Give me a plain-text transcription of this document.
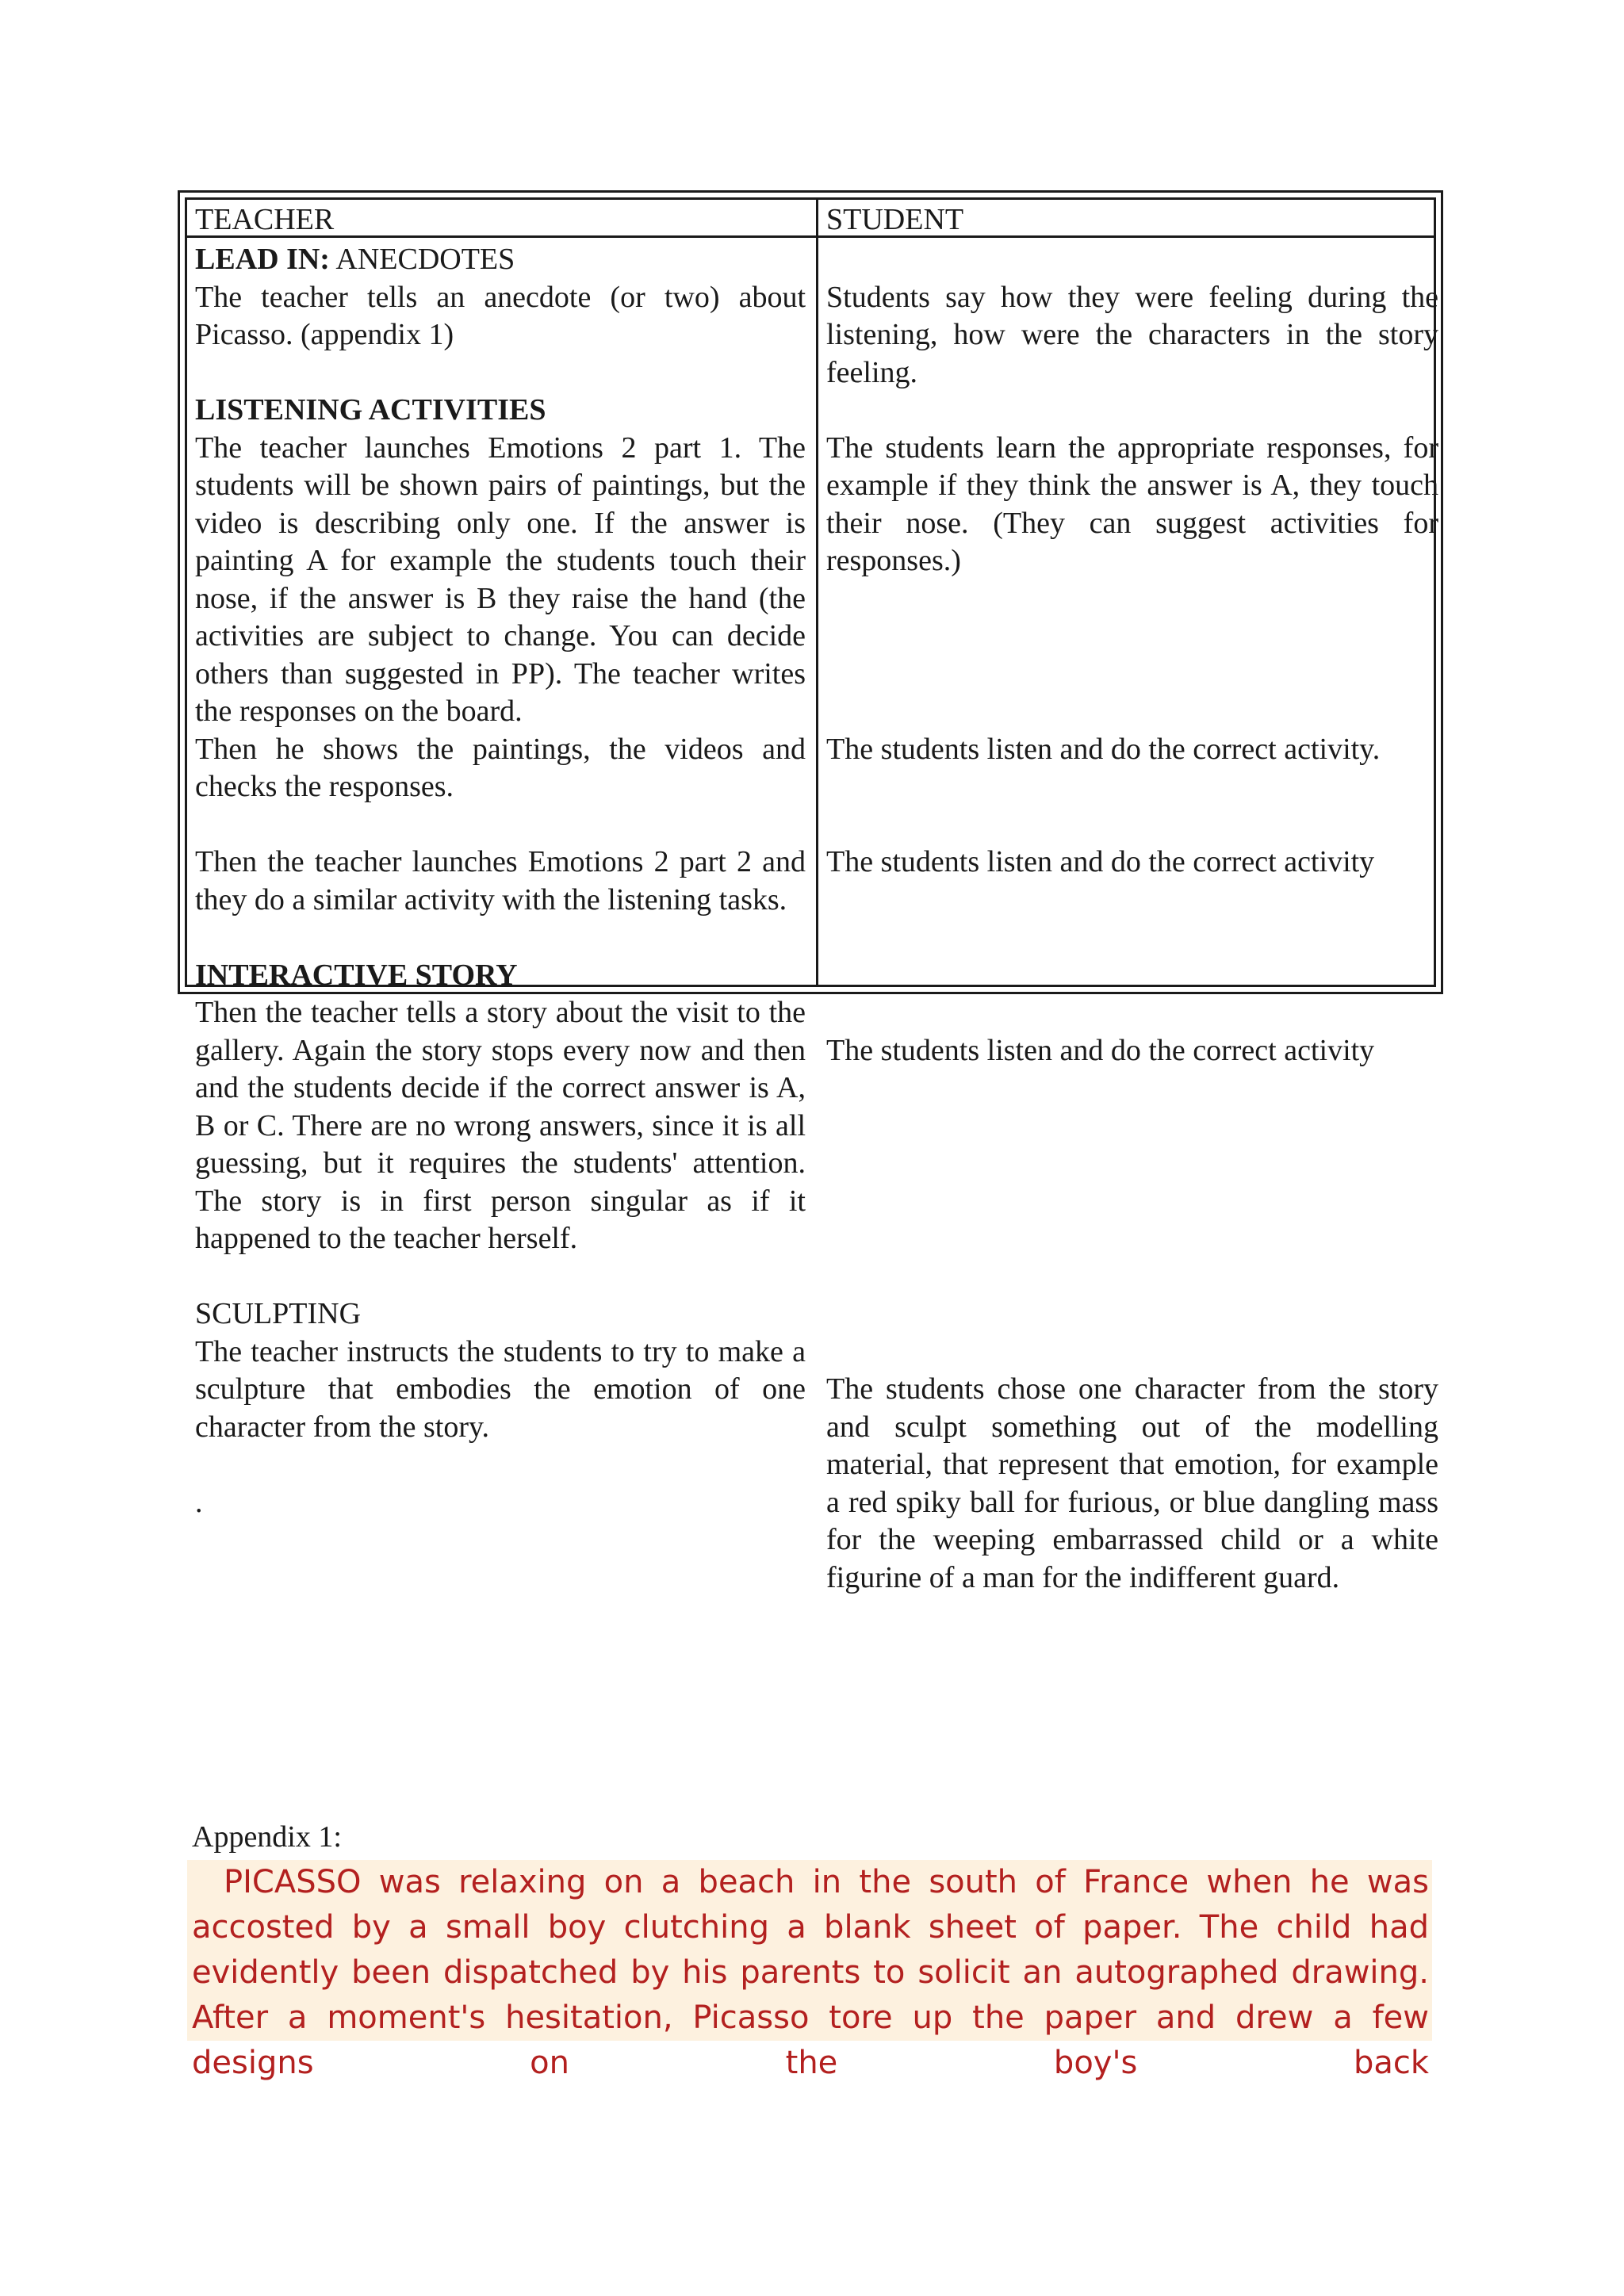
TEACHER	STUDENT

LEAD IN: ANECDOTES

The teacher tells an anecdote (or two) about Picasso. (appendix 1)

LISTENING ACTIVITIES

The teacher launches Emotions 2 part 1. The students will be shown pairs of paintings, but the video is describing only one. If the answer is painting A for example the students touch their nose, if the answer is B they raise the hand (the activities are subject to change. You can decide others than suggested in PP). The teacher writes the responses on the board.

Then he shows the paintings, the videos and checks the responses.

Then the teacher launches Emotions 2 part 2 and they do a similar activity with the listening tasks.

INTERACTIVE STORY

Then the teacher tells a story about the visit to the gallery. Again the story stops every now and then and the students decide if the correct answer is A, B or C. There are no wrong answers, since it is all guessing, but it requires the students' attention. The story is in first person singular as if it happened to the teacher herself.

SCULPTING

The teacher instructs the students to try to make a sculpture that embodies the emotion of one character from the story.

.

Students say how they were feeling during the listening, how were the characters in the story feeling.

The students learn the appropriate responses, for example if they think the answer is A, they touch their nose. (They can suggest activities for responses.)

The students listen and do the correct activity.

The students listen and do the correct activity

The students listen and do the correct activity

The students chose one character from the story and sculpt something out of the modelling material, that represent that emotion, for example a red spiky ball for furious, or blue dangling mass for the weeping embarrassed child or a white figurine of a man for the indifferent guard.

Appendix 1:
PICASSO was relaxing on a beach in the south of France when he was accosted by a small boy clutching a blank sheet of paper. The child had evidently been dispatched by his parents to solicit an autographed drawing. After a moment's hesitation, Picasso tore up the paper and drew a few designs on the boy's back
